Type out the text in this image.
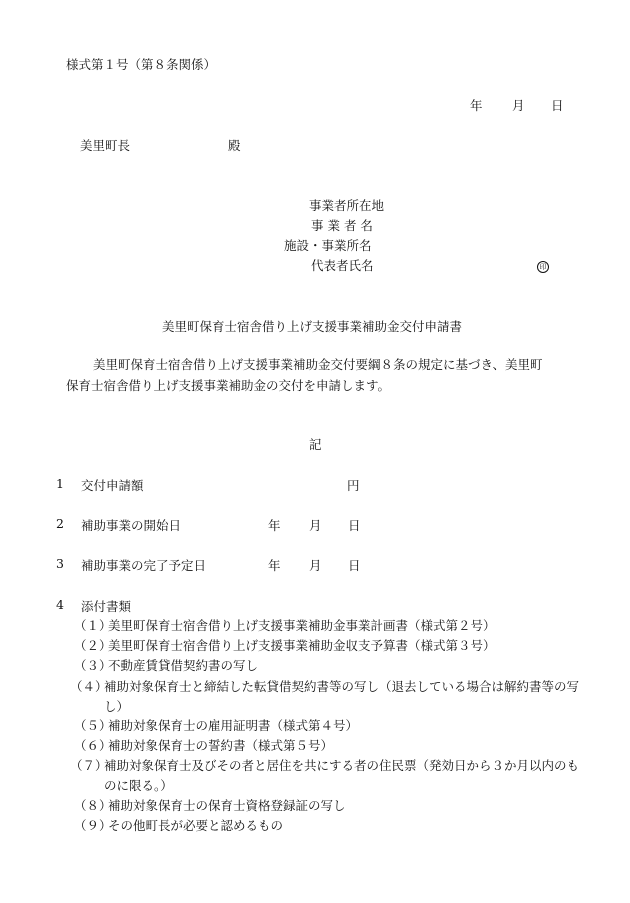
様式第１号（第８条関係）
年 月 日
美里町長	殿
事業者所在地
事 業 者 名
施設・事業所名
代表者氏名	印
美里町保育士宿舎借り上げ支援事業補助金交付申請書
美里町保育士宿舎借り上げ支援事業補助金交付要綱８条の規定に基づき、美里町
保育士宿舎借り上げ支援事業補助金の交付を申請します。
記
1 交付申請額	円
2 補助事業の開始日	年 月 日
3 補助事業の完了予定日	年 月 日
4 添付書類
（１）
美里町保育士宿舎借り上げ支援事業補助金事業計画書（様式第２号）
（２）
美里町保育士宿舎借り上げ支援事業補助金収支予算書（様式第３号）
（３）
不動産賃貸借契約書の写し
（４）
補助対象保育士と締結した転貸借契約書等の写し（退去している場合は解約書等の写し）
（５）
補助対象保育士の雇用証明書（様式第４号）
（６）
補助対象保育士の誓約書（様式第５号）
（７）
補助対象保育士及びその者と居住を共にする者の住民票（発効日から３か月以内のものに限る。）
（８）
補助対象保育士の保育士資格登録証の写し
（９）
その他町長が必要と認めるもの
